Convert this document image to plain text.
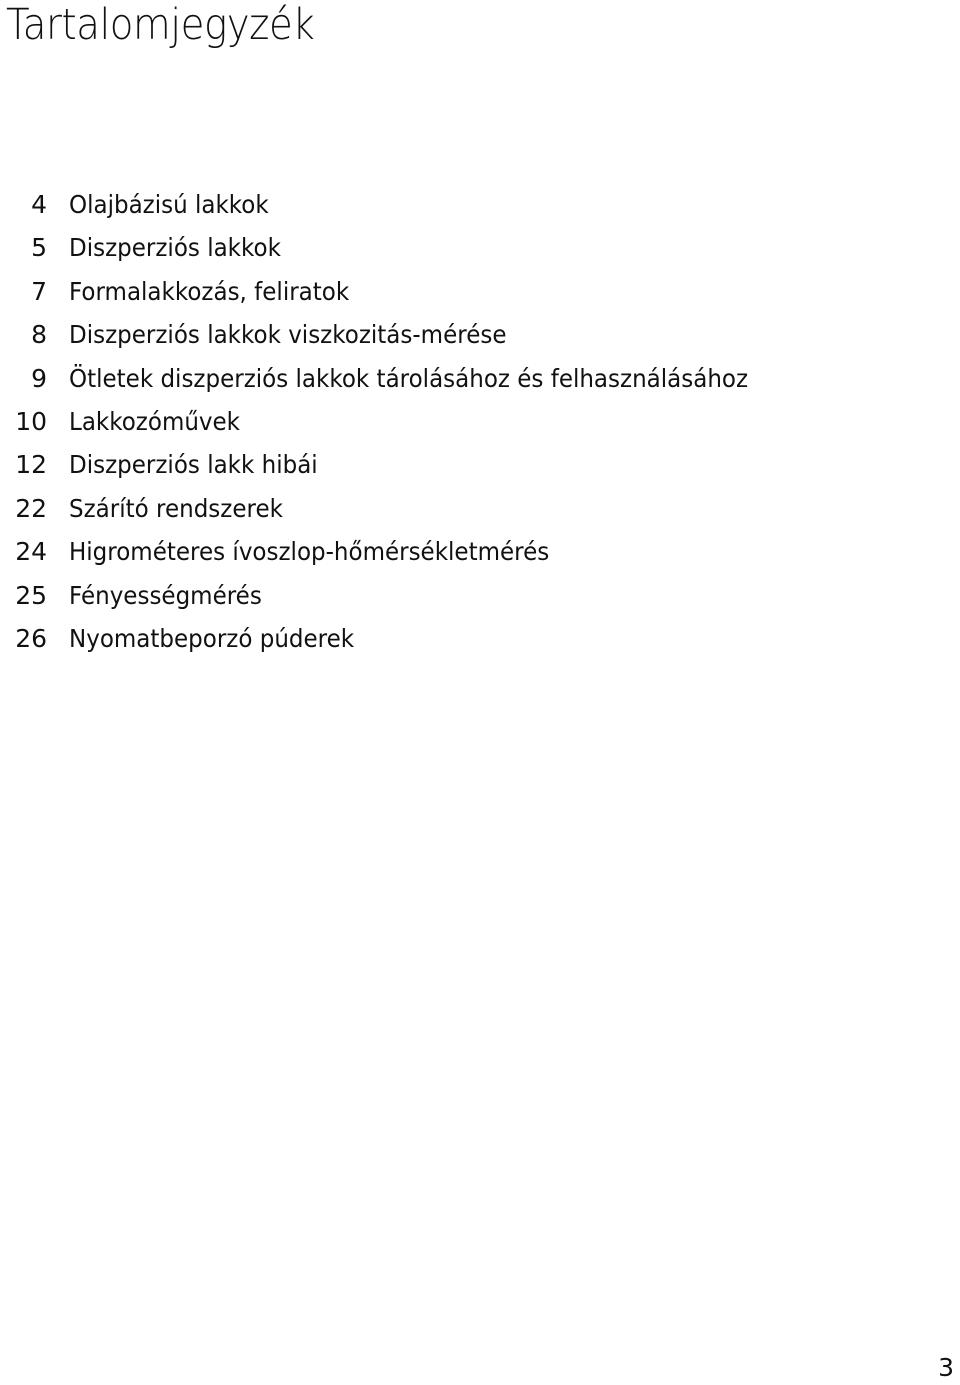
Tartalomjegyzék
4 Olajbázisú lakkok
5 Diszperziós lakkok
7 Formalakkozás, feliratok
8 Diszperziós lakkok viszkozitás-mérése
9 Ötletek diszperziós lakkok tárolásához és felhasználásához
10 Lakkozóművek
12 Diszperziós lakk hibái
22 Szárító rendszerek
24 Higrométeres ívoszlop-hőmérsékletmérés
25 Fényességmérés
26 Nyomatbeporzó púderek
3
